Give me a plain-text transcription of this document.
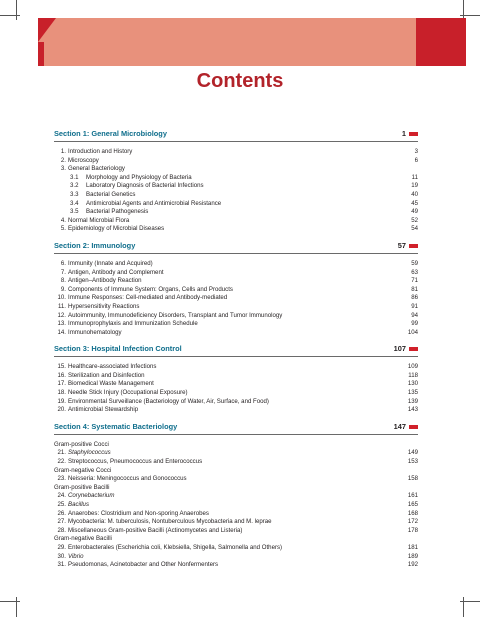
Contents
Section 1: General Microbiology	1
1. Introduction and History	3
2. Microscopy	6
3. General Bacteriology
3.1	Morphology and Physiology of Bacteria	11
3.2	Laboratory Diagnosis of Bacterial Infections	19
3.3	Bacterial Genetics	40
3.4	Antimicrobial Agents and Antimicrobial Resistance	45
3.5	Bacterial Pathogenesis	49
4. Normal Microbial Flora	52
5. Epidemiology of Microbial Diseases	54
Section 2: Immunology	57
6. Immunity (Innate and Acquired)	59
7. Antigen, Antibody and Complement	63
8. Antigen–Antibody Reaction	71
9. Components of Immune System: Organs, Cells and Products	81
10. Immune Responses: Cell-mediated and Antibody-mediated	86
11. Hypersensitivity Reactions	91
12. Autoimmunity, Immunodeficiency Disorders, Transplant and Tumor Immunology	94
13. Immunoprophylaxis and Immunization Schedule	99
14. Immunohematology	104
Section 3: Hospital Infection Control	107
15. Healthcare-associated Infections	109
16. Sterilization and Disinfection	118
17. Biomedical Waste Management	130
18. Needle Stick Injury (Occupational Exposure)	135
19. Environmental Surveillance (Bacteriology of Water, Air, Surface, and Food)	139
20. Antimicrobial Stewardship	143
Section 4: Systematic Bacteriology	147
Gram-positive Cocci
21. Staphylococcus	149
22. Streptococcus, Pneumococcus and Enterococcus	153
Gram-negative Cocci
23. Neisseria: Meningococcus and Gonococcus	158
Gram-positive Bacilli
24. Corynebacterium	161
25. Bacillus	165
26. Anaerobes: Clostridium and Non-sporing Anaerobes	168
27. Mycobacteria: M. tuberculosis, Nontuberculous Mycobacteria and M. leprae	172
28. Miscellaneous Gram-positive Bacilli (Actinomycetes and Listeria)	178
Gram-negative Bacilli
29. Enterobacterales (Escherichia coli, Klebsiella, Shigella, Salmonella and Others)	181
30. Vibrio	189
31. Pseudomonas, Acinetobacter and Other Nonfermenters	192
